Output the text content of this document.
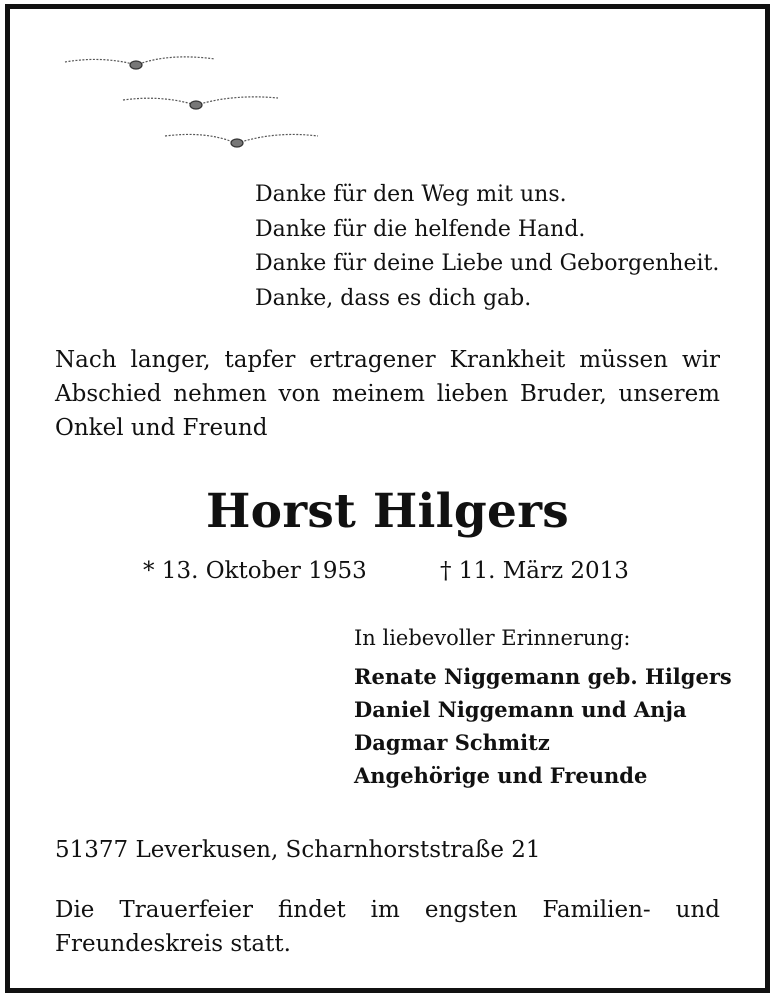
Danke für den Weg mit uns.
Danke für die helfende Hand.
Danke für deine Liebe und Geborgenheit.
Danke, dass es dich gab.
Nach langer, tapfer ertragener Krankheit müssen wir Abschied nehmen von meinem lieben Bruder, unserem Onkel und Freund
Horst Hilgers
* 13. Oktober 1953	† 11. März 2013
In liebevoller Erinnerung:
Renate Niggemann geb. Hilgers
Daniel Niggemann und Anja
Dagmar Schmitz
Angehörige und Freunde
51377 Leverkusen, Scharnhorststraße 21
Die Trauerfeier findet im engsten Familien- und Freundeskreis statt.
